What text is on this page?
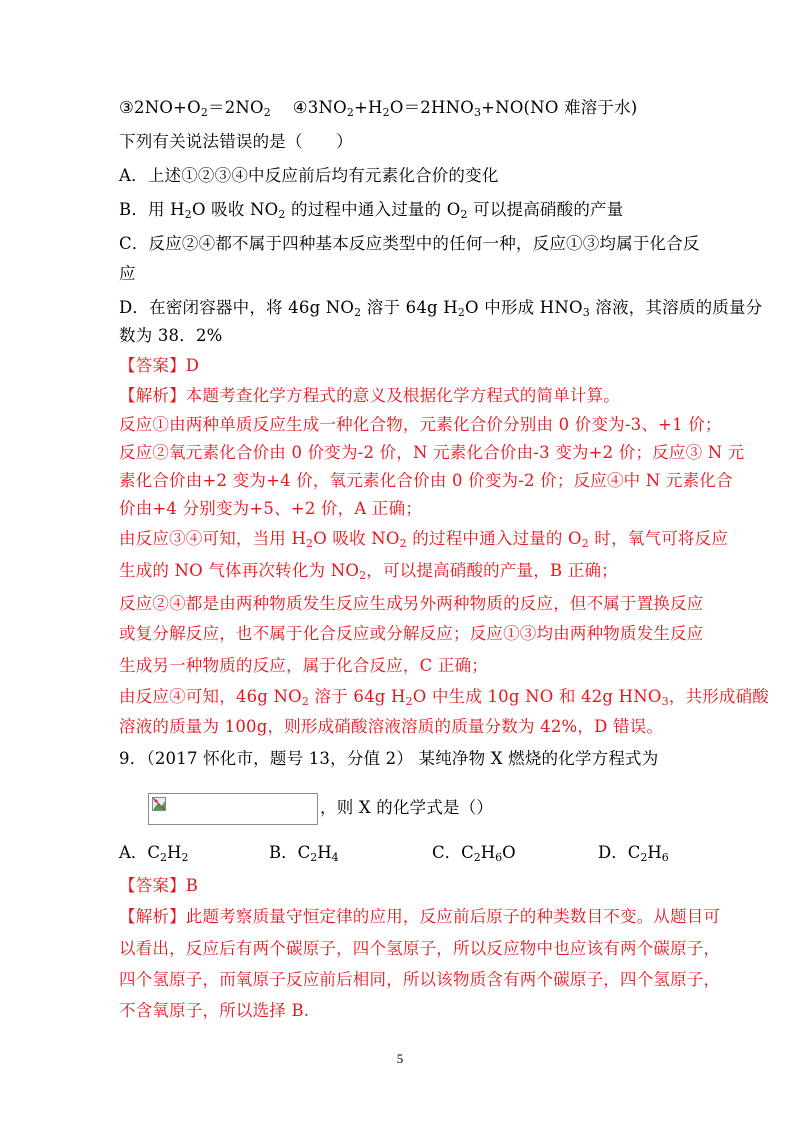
$③2NO+O_2=2NO_2$ $④3NO_2+H_2O=2HNO_3+NO(NO$ 难溶于水)
下列有关说法错误的是（　　）
A．上述①②③④中反应前后均有元素化合价的变化
B．用 $H_2O$ 吸收 $NO_2$ 的过程中通入过量的 $O_2$ 可以提高硝酸的产量
C．反应②④都不属于四种基本反应类型中的任何一种，反应①③均属于化合反
应
D．在密闭容器中，将 46g $NO_2$ 溶于 64g $H_2O$ 中形成 $HNO_3$ 溶液，其溶质的质量分
数为 38．2%
【答案】D
【解析】本题考查化学方程式的意义及根据化学方程式的简单计算。
反应①由两种单质反应生成一种化合物，元素化合价分别由 0 价变为-3、+1 价；
反应②氧元素化合价由 0 价变为-2 价，N 元素化合价由-3 变为+2 价；反应③ N 元
素化合价由+2 变为+4 价，氧元素化合价由 0 价变为-2 价；反应④中 N 元素化合
价由+4 分别变为+5、+2 价，A 正确；
由反应③④可知，当用 $H_2O$ 吸收 $NO_2$ 的过程中通入过量的 $O_2$ 时，氧气可将反应
生成的 NO 气体再次转化为 $NO_2$，可以提高硝酸的产量，B 正确；
反应②④都是由两种物质发生反应生成另外两种物质的反应，但不属于置换反应
或复分解反应，也不属于化合反应或分解反应；反应①③均由两种物质发生反应
生成另一种物质的反应，属于化合反应，C 正确；
由反应④可知，46g $NO_2$ 溶于 64g $H_2O$ 中生成 10g NO 和 42g $HNO_3$，共形成硝酸
溶液的质量为 100g，则形成硝酸溶液溶质的质量分数为 42%，D 错误。
9．（2017 怀化市，题号 13，分值 2） 某纯净物 X 燃烧的化学方程式为
，则 X 的化学式是（）
A．$C_2H_2$	B．$C_2H_4$	C．$C_2H_6O$	D．$C_2H_6$
【答案】B
【解析】此题考察质量守恒定律的应用，反应前后原子的种类数目不变。从题目可
以看出，反应后有两个碳原子，四个氢原子，所以反应物中也应该有两个碳原子，
四个氢原子，而氧原子反应前后相同，所以该物质含有两个碳原子，四个氢原子，
不含氧原子，所以选择 B.
5
